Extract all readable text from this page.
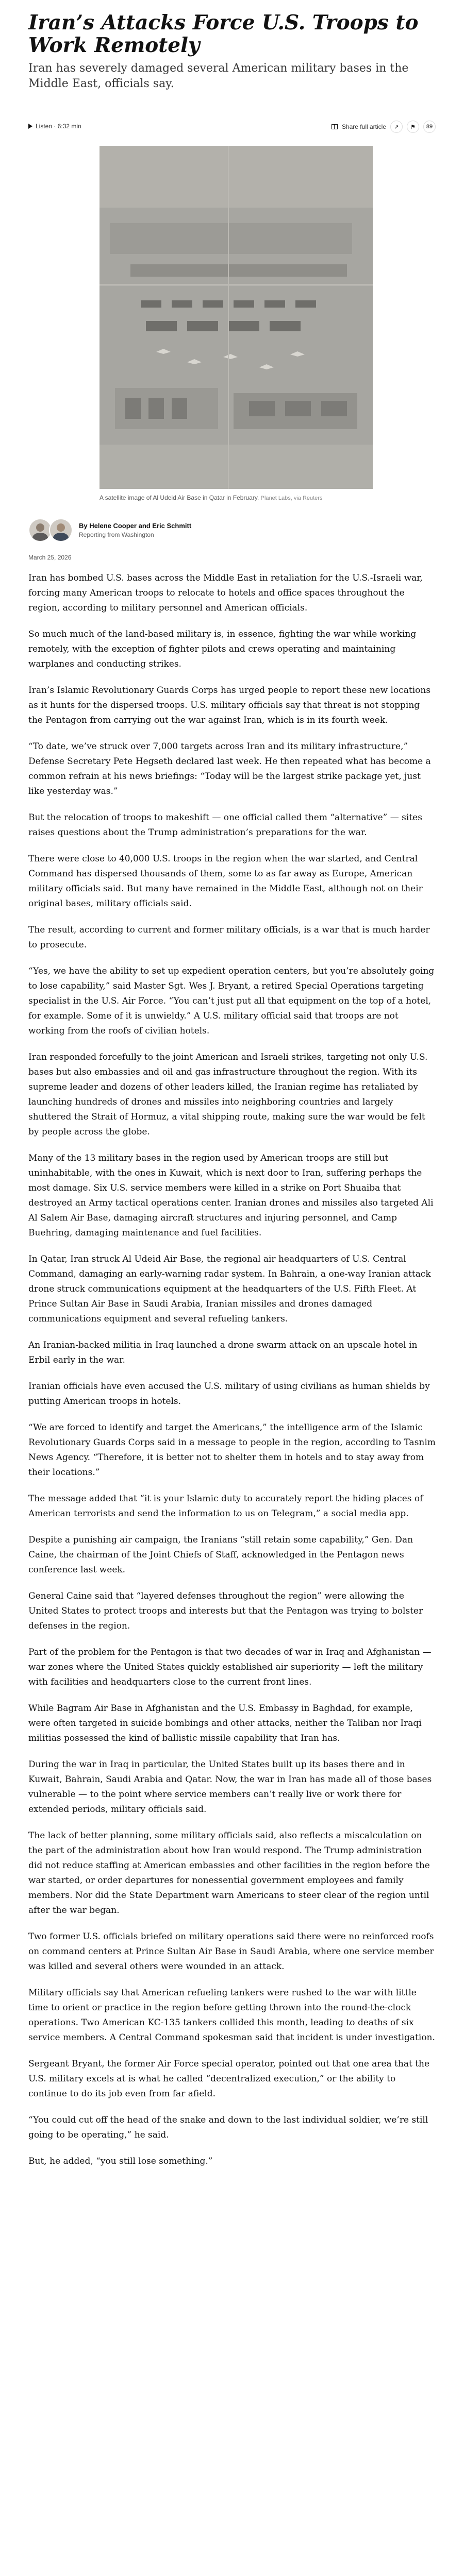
Iran’s Attacks Force U.S. Troops to Work Remotely

Iran has severely damaged several American military bases in the Middle East, officials say.

Listen · 6:32 min	Share full article	↗	⚑	89

A satellite image of Al Udeid Air Base in Qatar in February. Planet Labs, via Reuters

By Helene Cooper and Eric Schmitt
Reporting from Washington
March 25, 2026

Iran has bombed U.S. bases across the Middle East in retaliation for the U.S.-Israeli war, forcing many American troops to relocate to hotels and office spaces throughout the region, according to military personnel and American officials.

So much much of the land-based military is, in essence, fighting the war while working remotely, with the exception of fighter pilots and crews operating and maintaining warplanes and conducting strikes.

Iran’s Islamic Revolutionary Guards Corps has urged people to report these new locations as it hunts for the dispersed troops. U.S. military officials say that threat is not stopping the Pentagon from carrying out the war against Iran, which is in its fourth week.

“To date, we’ve struck over 7,000 targets across Iran and its military infrastructure,” Defense Secretary Pete Hegseth declared last week. He then repeated what has become a common refrain at his news briefings: “Today will be the largest strike package yet, just like yesterday was.”

But the relocation of troops to makeshift — one official called them “alternative” — sites raises questions about the Trump administration’s preparations for the war.

There were close to 40,000 U.S. troops in the region when the war started, and Central Command has dispersed thousands of them, some to as far away as Europe, American military officials said. But many have remained in the Middle East, although not on their original bases, military officials said.

The result, according to current and former military officials, is a war that is much harder to prosecute.

“Yes, we have the ability to set up expedient operation centers, but you’re absolutely going to lose capability,” said Master Sgt. Wes J. Bryant, a retired Special Operations targeting specialist in the U.S. Air Force. “You can’t just put all that equipment on the top of a hotel, for example. Some of it is unwieldy.” A U.S. military official said that troops are not working from the roofs of civilian hotels.

Iran responded forcefully to the joint American and Israeli strikes, targeting not only U.S. bases but also embassies and oil and gas infrastructure throughout the region. With its supreme leader and dozens of other leaders killed, the Iranian regime has retaliated by launching hundreds of drones and missiles into neighboring countries and largely shuttered the Strait of Hormuz, a vital shipping route, making sure the war would be felt by people across the globe.

Many of the 13 military bases in the region used by American troops are still but uninhabitable, with the ones in Kuwait, which is next door to Iran, suffering perhaps the most damage. Six U.S. service members were killed in a strike on Port Shuaiba that destroyed an Army tactical operations center. Iranian drones and missiles also targeted Ali Al Salem Air Base, damaging aircraft structures and injuring personnel, and Camp Buehring, damaging maintenance and fuel facilities.

In Qatar, Iran struck Al Udeid Air Base, the regional air headquarters of U.S. Central Command, damaging an early-warning radar system. In Bahrain, a one-way Iranian attack drone struck communications equipment at the headquarters of the U.S. Fifth Fleet. At Prince Sultan Air Base in Saudi Arabia, Iranian missiles and drones damaged communications equipment and several refueling tankers.

An Iranian-backed militia in Iraq launched a drone swarm attack on an upscale hotel in Erbil early in the war.

Iranian officials have even accused the U.S. military of using civilians as human shields by putting American troops in hotels.

“We are forced to identify and target the Americans,” the intelligence arm of the Islamic Revolutionary Guards Corps said in a message to people in the region, according to Tasnim News Agency. “Therefore, it is better not to shelter them in hotels and to stay away from their locations.”

The message added that “it is your Islamic duty to accurately report the hiding places of American terrorists and send the information to us on Telegram,” a social media app.

Despite a punishing air campaign, the Iranians “still retain some capability,” Gen. Dan Caine, the chairman of the Joint Chiefs of Staff, acknowledged in the Pentagon news conference last week.

General Caine said that “layered defenses throughout the region” were allowing the United States to protect troops and interests but that the Pentagon was trying to bolster defenses in the region.

Part of the problem for the Pentagon is that two decades of war in Iraq and Afghanistan — war zones where the United States quickly established air superiority — left the military with facilities and headquarters close to the current front lines.

While Bagram Air Base in Afghanistan and the U.S. Embassy in Baghdad, for example, were often targeted in suicide bombings and other attacks, neither the Taliban nor Iraqi militias possessed the kind of ballistic missile capability that Iran has.

During the war in Iraq in particular, the United States built up its bases there and in Kuwait, Bahrain, Saudi Arabia and Qatar. Now, the war in Iran has made all of those bases vulnerable — to the point where service members can’t really live or work there for extended periods, military officials said.

The lack of better planning, some military officials said, also reflects a miscalculation on the part of the administration about how Iran would respond. The Trump administration did not reduce staffing at American embassies and other facilities in the region before the war started, or order departures for nonessential government employees and family members. Nor did the State Department warn Americans to steer clear of the region until after the war began.

Two former U.S. officials briefed on military operations said there were no reinforced roofs on command centers at Prince Sultan Air Base in Saudi Arabia, where one service member was killed and several others were wounded in an attack.

Military officials say that American refueling tankers were rushed to the war with little time to orient or practice in the region before getting thrown into the round-the-clock operations. Two American KC-135 tankers collided this month, leading to deaths of six service members. A Central Command spokesman said that incident is under investigation.

Sergeant Bryant, the former Air Force special operator, pointed out that one area that the U.S. military excels at is what he called “decentralized execution,” or the ability to continue to do its job even from far afield.

“You could cut off the head of the snake and down to the last individual soldier, we’re still going to be operating,” he said.

But, he added, “you still lose something.”
